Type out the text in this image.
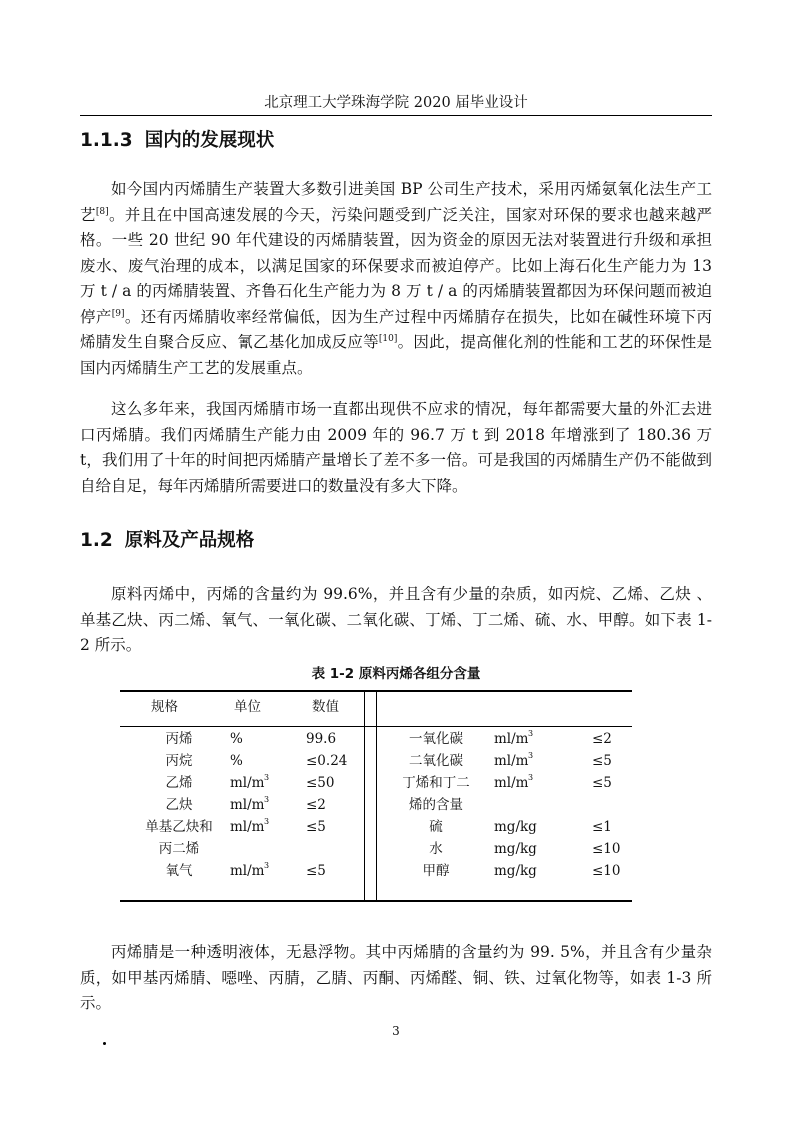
北京理工大学珠海学院 2020 届毕业设计
1.1.3 国内的发展现状

如今国内丙烯腈生产装置大多数引进美国 BP 公司生产技术，采用丙烯氨氧化法生产工艺[8]。并且在中国高速发展的今天，污染问题受到广泛关注，国家对环保的要求也越来越严格。一些 20 世纪 90 年代建设的丙烯腈装置，因为资金的原因无法对装置进行升级和承担废水、废气治理的成本，以满足国家的环保要求而被迫停产。比如上海石化生产能力为 13 万 t / a 的丙烯腈装置、齐鲁石化生产能力为 8 万 t / a 的丙烯腈装置都因为环保问题而被迫停产[9]。还有丙烯腈收率经常偏低，因为生产过程中丙烯腈存在损失，比如在碱性环境下丙烯腈发生自聚合反应、氰乙基化加成反应等[10]。因此，提高催化剂的性能和工艺的环保性是国内丙烯腈生产工艺的发展重点。

这么多年来，我国丙烯腈市场一直都出现供不应求的情况，每年都需要大量的外汇去进口丙烯腈。我们丙烯腈生产能力由 2009 年的 96.7 万 t 到 2018 年增涨到了 180.36 万 t，我们用了十年的时间把丙烯腈产量增长了差不多一倍。可是我国的丙烯腈生产仍不能做到自给自足，每年丙烯腈所需要进口的数量没有多大下降。

1.2 原料及产品规格

原料丙烯中，丙烯的含量约为 99.6%，并且含有少量的杂质，如丙烷、乙烯、乙炔 、单基乙炔、丙二烯、氧气、一氧化碳、二氧化碳、丁烯、丁二烯、硫、水、甲醇。如下表 1-2 所示。

表 1-2 原料丙烯各组分含量
规格	单位	数值
丙烯	%	99.6
丙烷	%	≤0.24
乙烯	ml/m 3	≤50
乙炔	ml/m 3	≤2
单基乙炔和	ml/m 3	≤5
丙二烯
氧气	ml/m 3	≤5
一氧化碳	ml/m 3	≤2
二氧化碳	ml/m 3	≤5
丁烯和丁二	ml/m 3	≤5
烯的含量
硫	mg/kg	≤1
水	mg/kg	≤10
甲醇	mg/kg	≤10
丙烯腈是一种透明液体，无悬浮物。其中丙烯腈的含量约为 99. 5%，并且含有少量杂质，如甲基丙烯腈、噁唑、丙腈，乙腈、丙酮、丙烯醛、铜、铁、过氧化物等，如表 1-3 所示。
3
